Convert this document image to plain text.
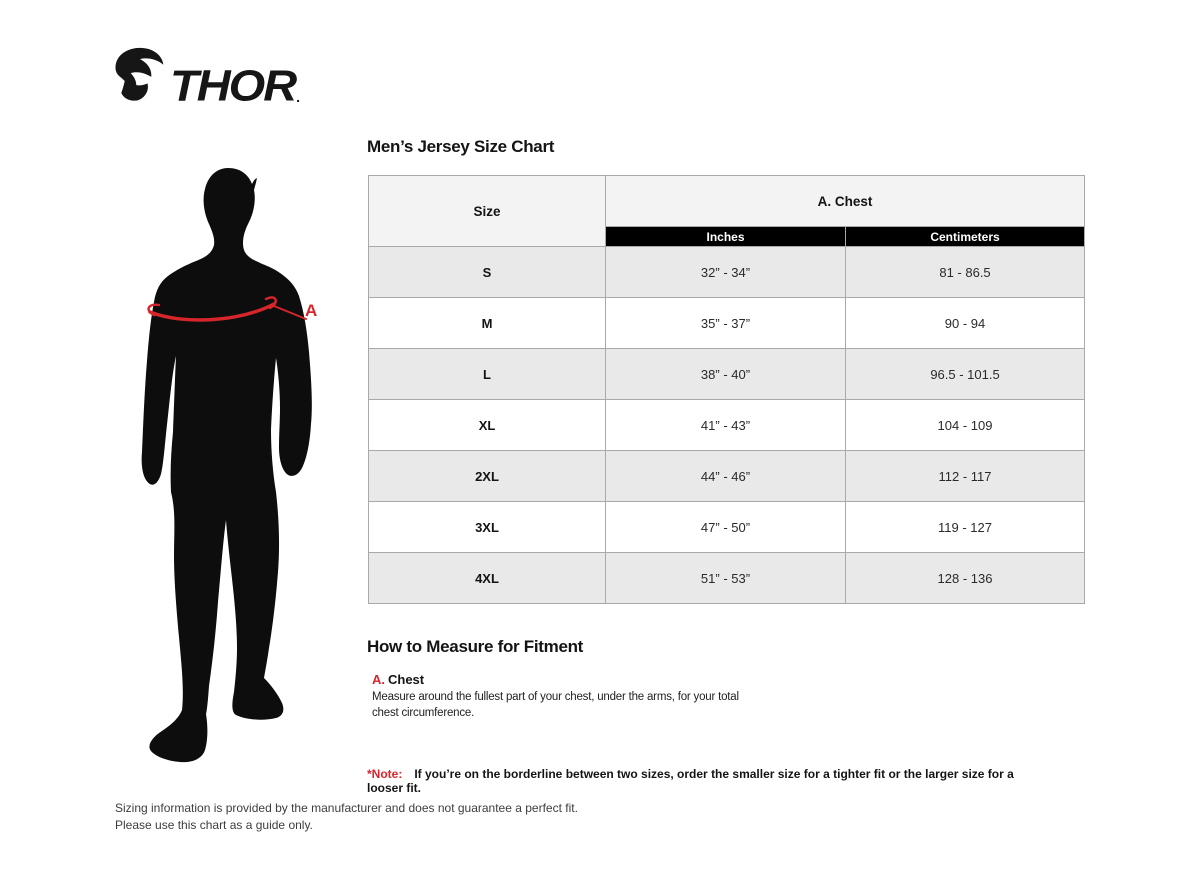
THOR .
A
Men’s Jersey Size Chart
Size	A. Chest	
	Inches	Centimeters
S	32” - 34”	81 - 86.5
M	35” - 37”	90 - 94
L	38” - 40”	96.5 - 101.5
XL	41” - 43”	104 - 109
2XL	44” - 46”	112 - 117
3XL	47” - 50”	119 - 127
4XL	51” - 53”	128 - 136
How to Measure for Fitment
A. Chest
Measure around the fullest part of your chest, under the arms, for your total chest circumference.
*Note: If you’re on the borderline between two sizes, order the smaller size for a tighter fit or the larger size for a looser fit.
Sizing information is provided by the manufacturer and does not guarantee a perfect fit.
Please use this chart as a guide only.
